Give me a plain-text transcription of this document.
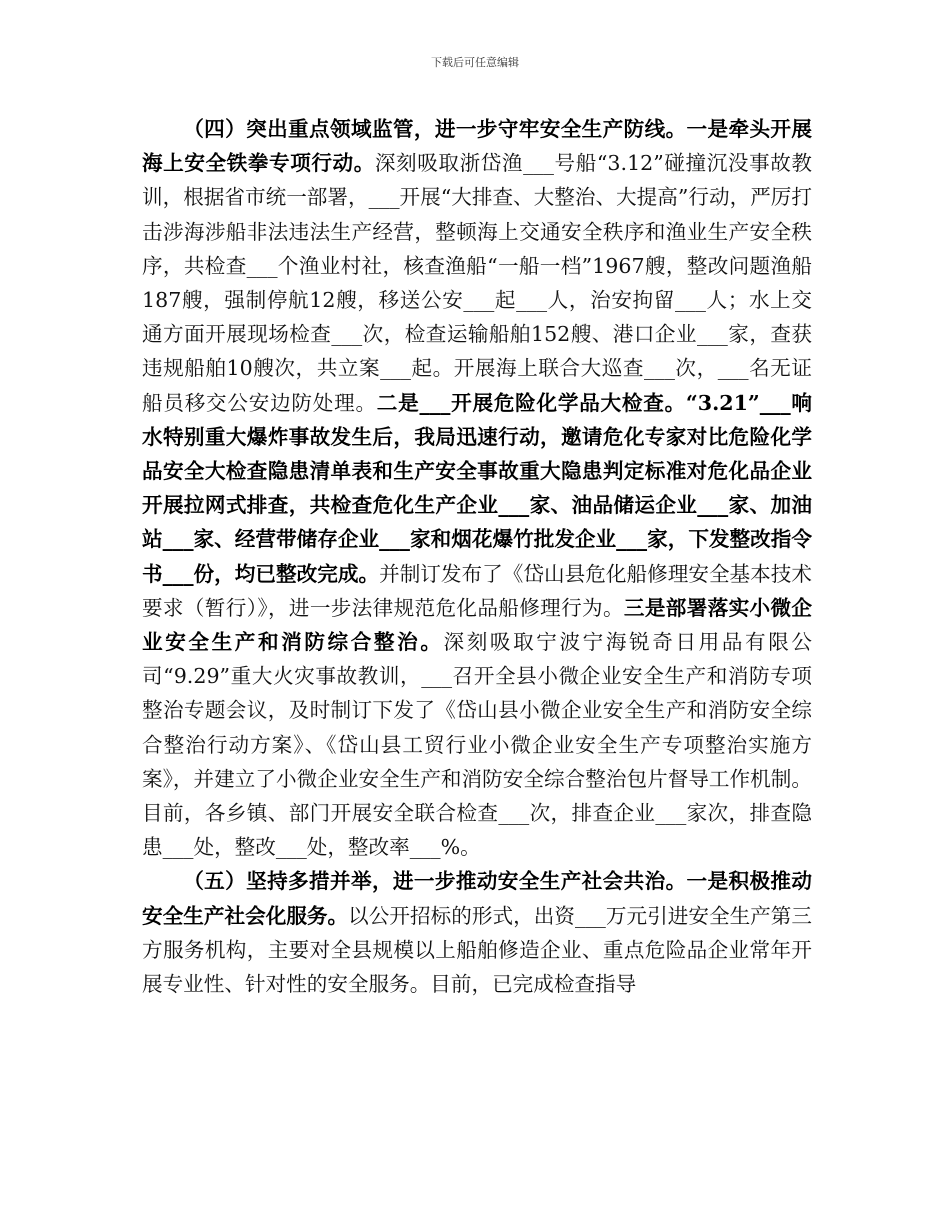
下载后可任意编辑

（四）突出重点领域监管，进一步守牢安全生产防线。一是牵头开展海上安全铁拳专项行动。深刻吸取浙岱渔___号船“3.12”碰撞沉没事故教训，根据省市统一部署，___开展“大排查、大整治、大提高”行动，严厉打击涉海涉船非法违法生产经营，整顿海上交通安全秩序和渔业生产安全秩序，共检查___个渔业村社，核查渔船“一船一档”1967艘，整改问题渔船187艘，强制停航12艘，移送公安___起___人，治安拘留___人；水上交通方面开展现场检查___次，检查运输船舶152艘、港口企业___家，查获违规船舶10艘次，共立案___起。开展海上联合大巡查___次，___名无证船员移交公安边防处理。二是___开展危险化学品大检查。“3.21”___响水特别重大爆炸事故发生后，我局迅速行动，邀请危化专家对比危险化学品安全大检查隐患清单表和生产安全事故重大隐患判定标准对危化品企业开展拉网式排查，共检查危化生产企业___家、油品储运企业___家、加油站___家、经营带储存企业___家和烟花爆竹批发企业___家，下发整改指令书___份，均已整改完成。并制订发布了《岱山县危化船修理安全基本技术要求（暂行）》，进一步法律规范危化品船修理行为。三是部署落实小微企业安全生产和消防综合整治。深刻吸取宁波宁海锐奇日用品有限公司“9.29”重大火灾事故教训，___召开全县小微企业安全生产和消防专项整治专题会议，及时制订下发了《岱山县小微企业安全生产和消防安全综合整治行动方案》、《岱山县工贸行业小微企业安全生产专项整治实施方案》，并建立了小微企业安全生产和消防安全综合整治包片督导工作机制。目前，各乡镇、部门开展安全联合检查___次，排查企业___家次，排查隐患___处，整改___处，整改率___%。

（五）坚持多措并举，进一步推动安全生产社会共治。一是积极推动安全生产社会化服务。以公开招标的形式，出资___万元引进安全生产第三方服务机构，主要对全县规模以上船舶修造企业、重点危险品企业常年开展专业性、针对性的安全服务。目前，已完成检查指导
